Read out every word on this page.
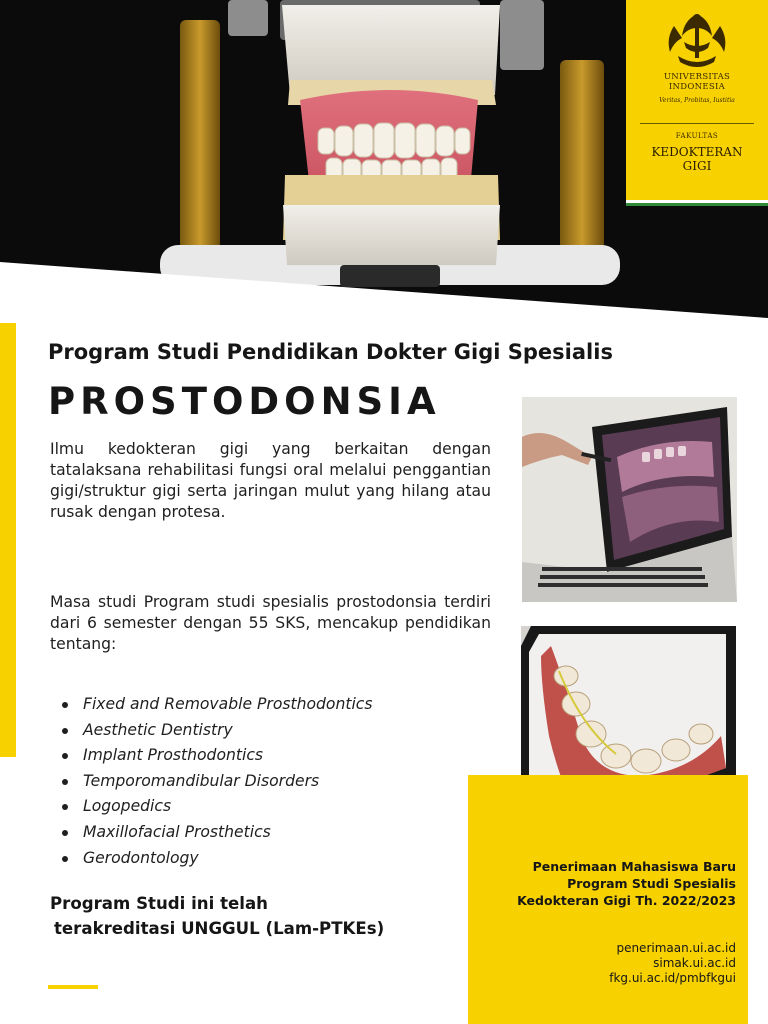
UNIVERSITAS
INDONESIA
Veritas, Probitas, Iustitia
FAKULTAS
KEDOKTERAN
GIGI
Program Studi Pendidikan Dokter Gigi Spesialis
PROSTODONSIA
Ilmu kedokteran gigi yang berkaitan dengan tatalaksana rehabilitasi fungsi oral melalui penggantian gigi/struktur gigi serta jaringan mulut yang hilang atau rusak dengan protesa.
Masa studi Program studi spesialis prostodonsia terdiri dari 6 semester dengan 55 SKS, mencakup pendidikan tentang:
Fixed and Removable Prosthodontics
Aesthetic Dentistry
Implant Prosthodontics
Temporomandibular Disorders
Logopedics
Maxillofacial Prosthetics
Gerodontology
Program Studi ini telah
terakreditasi UNGGUL (Lam-PTKEs)
Penerimaan Mahasiswa Baru
Program Studi Spesialis
Kedokteran Gigi Th. 2022/2023
penerimaan.ui.ac.id
simak.ui.ac.id
fkg.ui.ac.id/pmbfkgui
